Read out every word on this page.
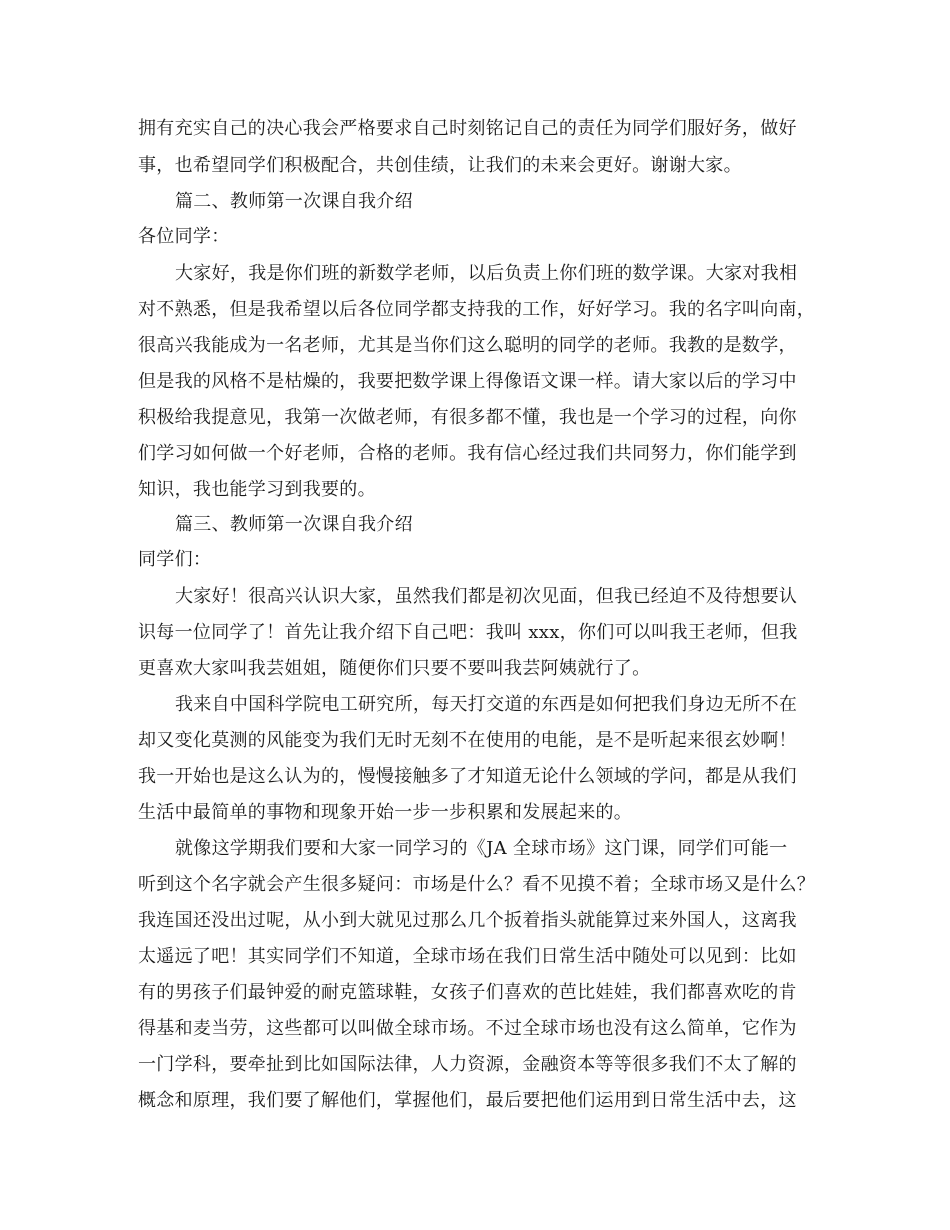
拥有充实自己的决心我会严格要求自己时刻铭记自己的责任为同学们服好务，做好
事，也希望同学们积极配合，共创佳绩，让我们的未来会更好。谢谢大家。
篇二、教师第一次课自我介绍
各位同学：
大家好，我是你们班的新数学老师，以后负责上你们班的数学课。大家对我相
对不熟悉，但是我希望以后各位同学都支持我的工作，好好学习。我的名字叫向南，
很高兴我能成为一名老师，尤其是当你们这么聪明的同学的老师。我教的是数学，
但是我的风格不是枯燥的，我要把数学课上得像语文课一样。请大家以后的学习中
积极给我提意见，我第一次做老师，有很多都不懂，我也是一个学习的过程，向你
们学习如何做一个好老师，合格的老师。我有信心经过我们共同努力，你们能学到
知识，我也能学习到我要的。
篇三、教师第一次课自我介绍
同学们：
大家好！很高兴认识大家，虽然我们都是初次见面，但我已经迫不及待想要认
识每一位同学了！首先让我介绍下自己吧：我叫 xxx，你们可以叫我王老师，但我
更喜欢大家叫我芸姐姐，随便你们只要不要叫我芸阿姨就行了。
我来自中国科学院电工研究所，每天打交道的东西是如何把我们身边无所不在
却又变化莫测的风能变为我们无时无刻不在使用的电能，是不是听起来很玄妙啊！
我一开始也是这么认为的，慢慢接触多了才知道无论什么领域的学问，都是从我们
生活中最简单的事物和现象开始一步一步积累和发展起来的。
就像这学期我们要和大家一同学习的《JA 全球市场》这门课，同学们可能一
听到这个名字就会产生很多疑问：市场是什么？看不见摸不着；全球市场又是什么？
我连国还没出过呢，从小到大就见过那么几个扳着指头就能算过来外国人，这离我
太遥远了吧！其实同学们不知道，全球市场在我们日常生活中随处可以见到：比如
有的男孩子们最钟爱的耐克篮球鞋，女孩子们喜欢的芭比娃娃，我们都喜欢吃的肯
得基和麦当劳，这些都可以叫做全球市场。不过全球市场也没有这么简单，它作为
一门学科，要牵扯到比如国际法律，人力资源，金融资本等等很多我们不太了解的
概念和原理，我们要了解他们，掌握他们，最后要把他们运用到日常生活中去，这
